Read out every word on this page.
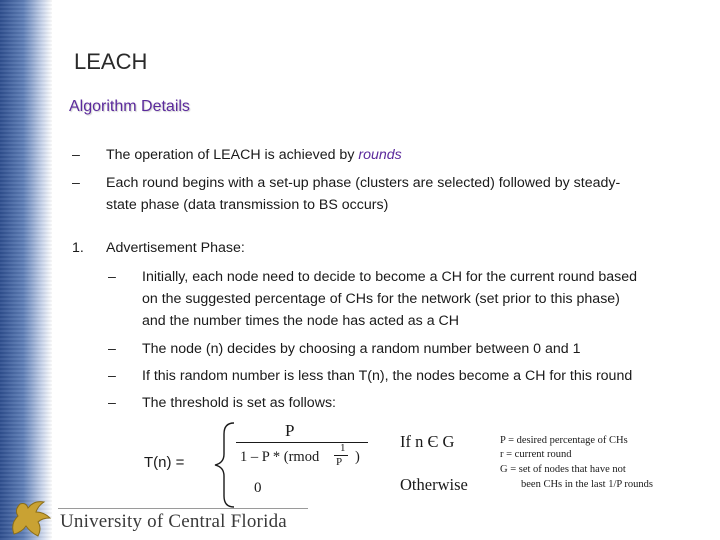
LEACH
Algorithm Details
– The operation of LEACH is achieved by rounds
– Each round begins with a set-up phase (clusters are selected) followed by steady-
state phase (data transmission to BS occurs)
1. Advertisement Phase:
– Initially, each node need to decide to become a CH for the current round based
on the suggested percentage of CHs for the network (set prior to this phase)
and the number times the node has acted as a CH
– The node (n) decides by choosing a random number between 0 and 1
– If this random number is less than T(n), the nodes become a CH for this round
– The threshold is set as follows:
T(n) =
P
1 – P * (rmod
1
P )
0
If n Є G
Otherwise
P = desired percentage of CHs
r = current round
G = set of nodes that have not
been CHs in the last 1/P rounds
University of Central Florida
